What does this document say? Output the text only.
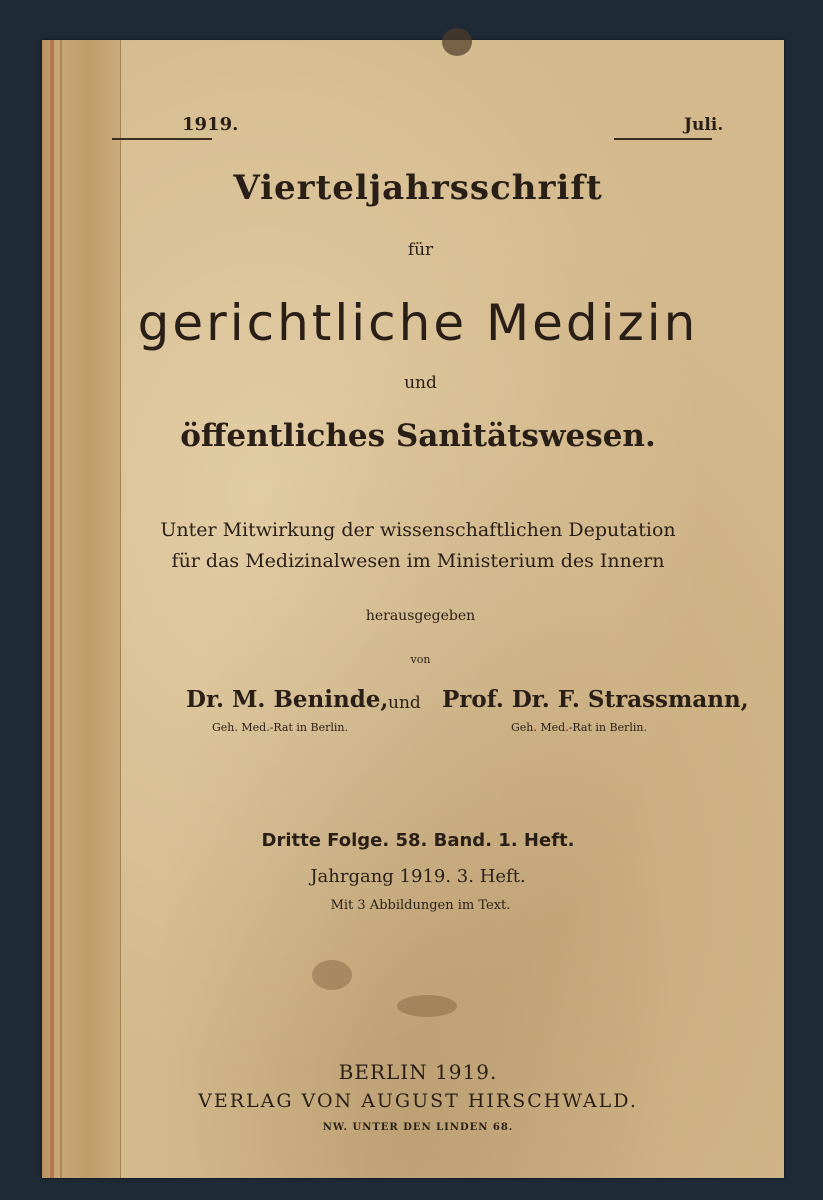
1919.	Juli.
Vierteljahrsschrift
für
gerichtliche Medizin
und
öffentliches Sanitätswesen.
Unter Mitwirkung der wissenschaftlichen Deputation
für das Medizinalwesen im Ministerium des Innern
herausgegeben
von
Dr. M. Beninde, und Prof. Dr. F. Strassmann,
Geh. Med.-Rat in Berlin.	Geh. Med.-Rat in Berlin.
Dritte Folge. 58. Band. 1. Heft.
Jahrgang 1919. 3. Heft.
Mit 3 Abbildungen im Text.
BERLIN 1919.
VERLAG VON AUGUST HIRSCHWALD.
NW. UNTER DEN LINDEN 68.
